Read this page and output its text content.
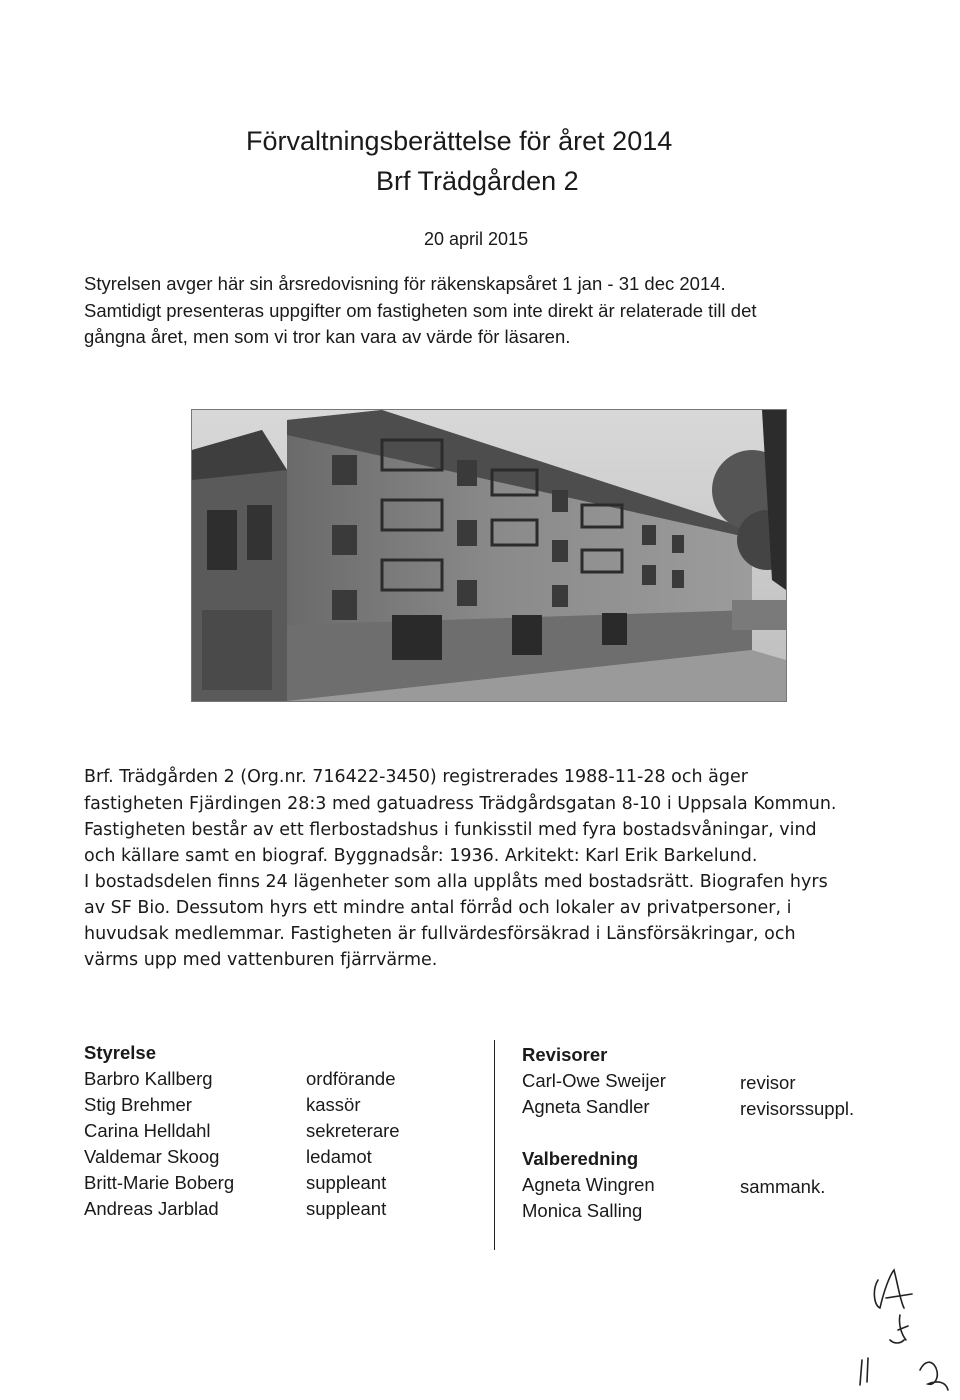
Förvaltningsberättelse för året 2014
Brf Trädgården 2
20 april 2015
Styrelsen avger här sin årsredovisning för räkenskapsåret 1 jan - 31 dec 2014.
Samtidigt presenteras uppgifter om fastigheten som inte direkt är relaterade till det
gångna året, men som vi tror kan vara av värde för läsaren.
Brf. Trädgården 2 (Org.nr. 716422-3450) registrerades 1988-11-28 och äger
fastigheten Fjärdingen 28:3 med gatuadress Trädgårdsgatan 8-10 i Uppsala Kommun.
Fastigheten består av ett flerbostadshus i funkisstil med fyra bostadsvåningar, vind
och källare samt en biograf. Byggnadsår: 1936. Arkitekt: Karl Erik Barkelund.
I bostadsdelen finns 24 lägenheter som alla upplåts med bostadsrätt. Biografen hyrs
av SF Bio. Dessutom hyrs ett mindre antal förråd och lokaler av privatpersoner, i
huvudsak medlemmar. Fastigheten är fullvärdesförsäkrad i Länsförsäkringar, och
värms upp med vattenburen fjärrvärme.
Styrelse
Barbro Kallberg	ordförande
Stig Brehmer	kassör
Carina Helldahl	sekreterare
Valdemar Skoog	ledamot
Britt-Marie Boberg	suppleant
Andreas Jarblad	suppleant
Revisorer
Carl-Owe Sweijer	revisor
Agneta Sandler	revisorssuppl.
Valberedning
Agneta Wingren	sammank.
Monica Salling
